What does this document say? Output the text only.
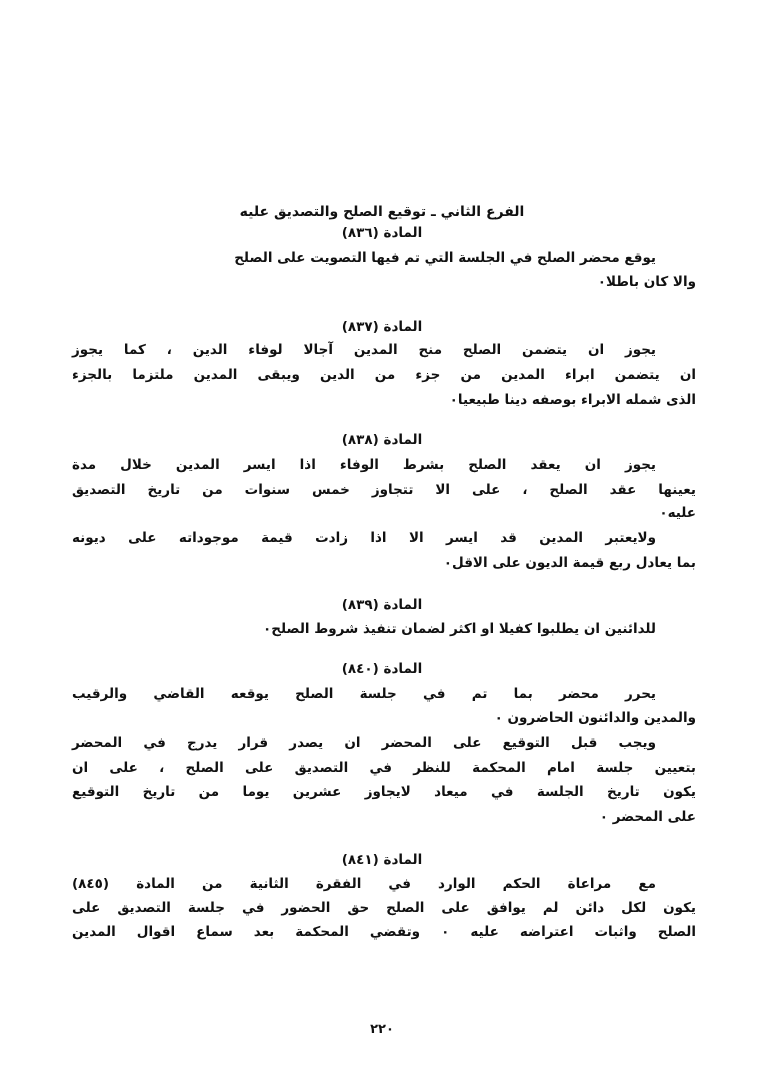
الفرع الثاني ـ توقيع الصلح والتصديق عليه
المادة (٨٣٦)
يوقع محضر الصلح في الجلسة التي تم فيها التصويت على الصلح
والا كان باطلا٠
المادة (٨٣٧)
يجوز ان يتضمن الصلح منح المدين آجالا لوفاء الدين ، كما يجوز
ان يتضمن ابراء المدين من جزء من الدين ويبقى المدين ملتزما بالجزء
الذى شمله الابراء بوصفه دينا طبيعيا٠
المادة (٨٣٨)
يجوز ان يعقد الصلح بشرط الوفاء اذا ايسر المدين خلال مدة
يعينها عقد الصلح ، على الا تتجاوز خمس سنوات من تاريخ التصديق
عليه٠
ولايعتبر المدين قد ايسر الا اذا زادت قيمة موجوداته على ديونه
بما يعادل ربع قيمة الديون على الاقل٠
المادة (٨٣٩)
للدائنين ان يطلبوا كفيلا او اكثر لضمان تنفيذ شروط الصلح٠
المادة (٨٤٠)
يحرر محضر بما تم في جلسة الصلح يوقعه القاضي والرقيب
والمدين والدائنون الحاضرون ٠
ويجب قبل التوقيع على المحضر ان يصدر قرار يدرج في المحضر
بتعيين جلسة امام المحكمة للنظر في التصديق على الصلح ، على ان
يكون تاريخ الجلسة في ميعاد لايجاوز عشرين يوما من تاريخ التوقيع
على المحضر ٠
المادة (٨٤١)
مع مراعاة الحكم الوارد في الفقرة الثانية من المادة (٨٤٥)
يكون لكل دائن لم يوافق على الصلح حق الحضور في جلسة التصديق على
الصلح واثبات اعتراضه عليه ٠ وتقضي المحكمة بعد سماع اقوال المدين
٢٢٠
